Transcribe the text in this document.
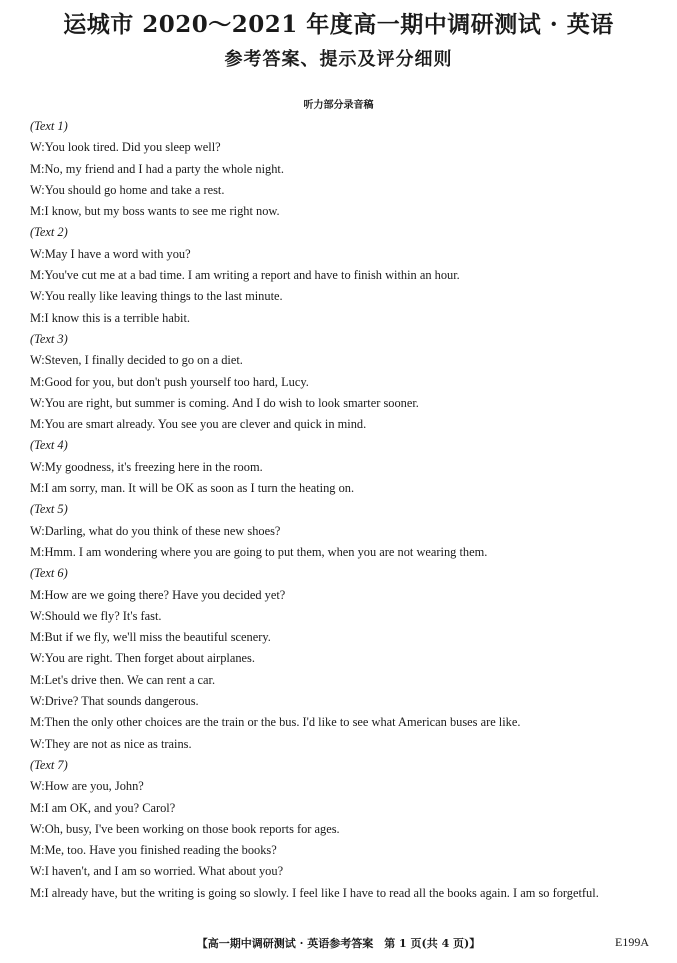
运城市 2020～2021 年度高一期中调研测试 · 英语
参考答案、提示及评分细则
听力部分录音稿
(Text 1)
W: You look tired. Did you sleep well?
M: No, my friend and I had a party the whole night.
W: You should go home and take a rest.
M: I know, but my boss wants to see me right now.
(Text 2)
W: May I have a word with you?
M: You've cut me at a bad time. I am writing a report and have to finish within an hour.
W: You really like leaving things to the last minute.
M: I know this is a terrible habit.
(Text 3)
W: Steven, I finally decided to go on a diet.
M: Good for you, but don't push yourself too hard, Lucy.
W: You are right, but summer is coming. And I do wish to look smarter sooner.
M: You are smart already. You see you are clever and quick in mind.
(Text 4)
W: My goodness, it's freezing here in the room.
M: I am sorry, man. It will be OK as soon as I turn the heating on.
(Text 5)
W: Darling, what do you think of these new shoes?
M: Hmm. I am wondering where you are going to put them, when you are not wearing them.
(Text 6)
M: How are we going there? Have you decided yet?
W: Should we fly? It's fast.
M: But if we fly, we'll miss the beautiful scenery.
W: You are right. Then forget about airplanes.
M: Let's drive then. We can rent a car.
W: Drive? That sounds dangerous.
M: Then the only other choices are the train or the bus. I'd like to see what American buses are like.
W: They are not as nice as trains.
(Text 7)
W: How are you, John?
M: I am OK, and you? Carol?
W: Oh, busy, I've been working on those book reports for ages.
M: Me, too. Have you finished reading the books?
W: I haven't, and I am so worried. What about you?
M: I already have, but the writing is going so slowly. I feel like I have to read all the books again. I am so forgetful.
【高一期中调研测试 · 英语参考答案　第 1 页(共 4 页)】	E199A
